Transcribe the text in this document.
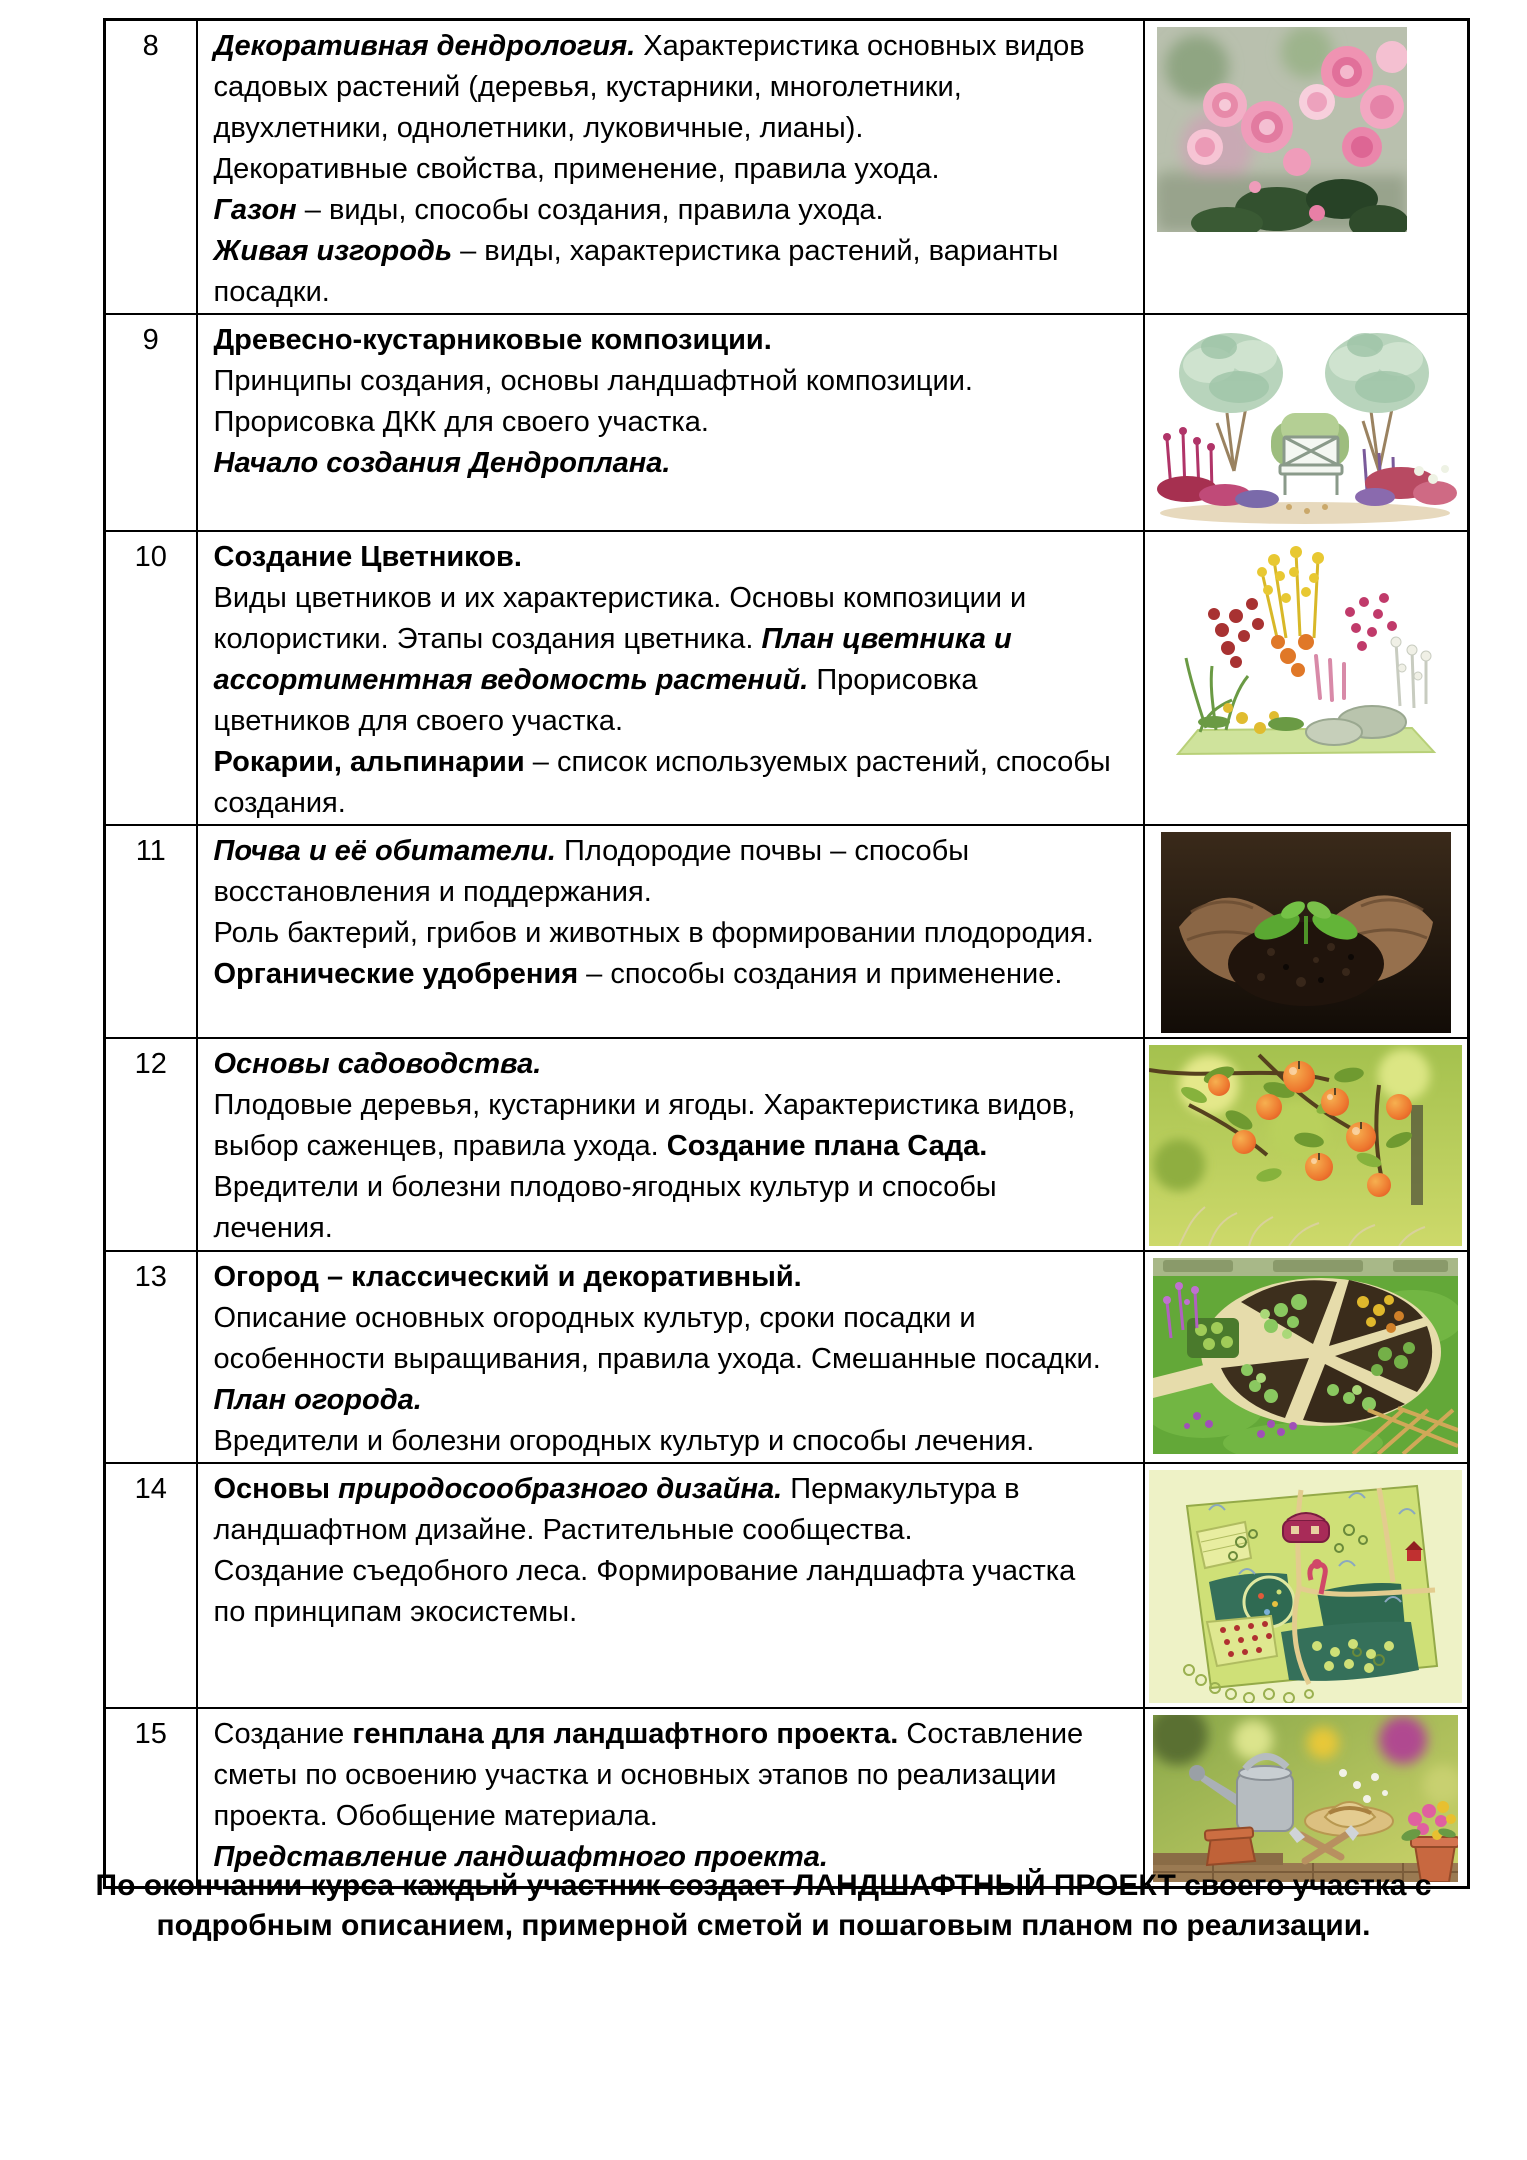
8	Декоративная дендрология. Характеристика основных видов садовых растений (деревья, кустарники, многолетники, двухлетники, однолетники, луковичные, лианы).

Декоративные свойства, применение, правила ухода.

Газон – виды, способы создания, правила ухода.

Живая изгородь – виды, характеристика растений, варианты посадки.

9	Древесно-кустарниковые композиции.

Принципы создания, основы ландшафтной композиции.

Прорисовка ДКК для своего участка.

Начало создания Дендроплана.

10	Создание Цветников.

Виды цветников и их характеристика. Основы композиции и колористики. Этапы создания цветника. План цветника и ассортиментная ведомость растений. Прорисовка цветников для своего участка.

Рокарии, альпинарии – список используемых растений, способы создания.

11	Почва и её обитатели. Плодородие почвы – способы восстановления и поддержания.

Роль бактерий, грибов и животных в формировании плодородия. Органические удобрения – способы создания и применение.

12	Основы садоводства.

Плодовые деревья, кустарники и ягоды. Характеристика видов, выбор саженцев, правила ухода. Создание плана Сада.

Вредители и болезни плодово-ягодных культур и способы лечения.

13	Огород – классический и декоративный.

Описание основных огородных культур, сроки посадки и особенности выращивания, правила ухода. Смешанные посадки. План огорода.

Вредители и болезни огородных культур и способы лечения.

14	Основы природосообразного дизайна. Пермакультура в ландшафтном дизайне. Растительные сообщества.

Создание съедобного леса. Формирование ландшафта участка по принципам экосистемы.

15	Создание генплана для ландшафтного проекта. Составление сметы по освоению участка и основных этапов по реализации проекта. Обобщение материала.

Представление ландшафтного проекта.

По окончании курса каждый участник создает ЛАНДШАФТНЫЙ ПРОЕКТ своего участка с
подробным описанием, примерной сметой и пошаговым планом по реализации.
